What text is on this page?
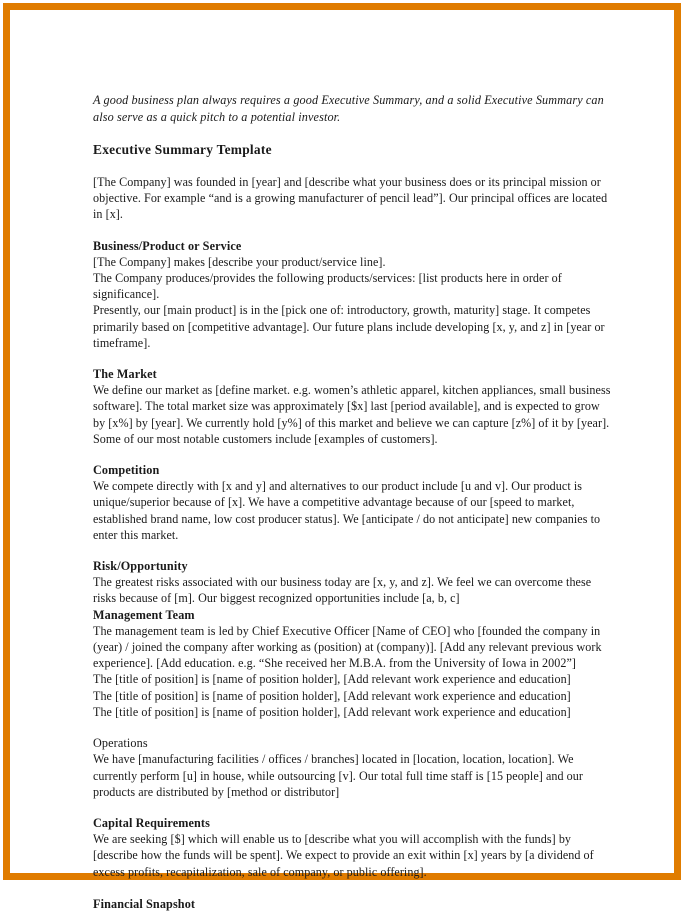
A good business plan always requires a good Executive Summary, and a solid Executive Summary can also serve as a quick pitch to a potential investor.

Executive Summary Template

[The Company] was founded in [year] and [describe what your business does or its principal mission or objective. For example “and is a growing manufacturer of pencil lead”]. Our principal offices are located in [x].

Business/Product or Service

[The Company] makes [describe your product/service line].

The Company produces/provides the following products/services: [list products here in order of significance].

Presently, our [main product] is in the [pick one of: introductory, growth, maturity] stage. It competes primarily based on [competitive advantage]. Our future plans include developing [x, y, and z] in [year or timeframe].

The Market

We define our market as [define market. e.g. women’s athletic apparel, kitchen appliances, small business software]. The total market size was approximately [$x] last [period available], and is expected to grow by [x%] by [year]. We currently hold [y%] of this market and believe we can capture [z%] of it by [year]. Some of our most notable customers include [examples of customers].

Competition

We compete directly with [x and y] and alternatives to our product include [u and v]. Our product is unique/superior because of [x]. We have a competitive advantage because of our [speed to market, established brand name, low cost producer status]. We [anticipate / do not anticipate] new companies to enter this market.

Risk/Opportunity

The greatest risks associated with our business today are [x, y, and z]. We feel we can overcome these risks because of [m]. Our biggest recognized opportunities include [a, b, c]

Management Team

The management team is led by Chief Executive Officer [Name of CEO] who [founded the company in (year) / joined the company after working as (position) at (company)]. [Add any relevant previous work experience]. [Add education. e.g. “She received her M.B.A. from the University of Iowa in 2002”]

The [title of position] is [name of position holder], [Add relevant work experience and education]

The [title of position] is [name of position holder], [Add relevant work experience and education]

The [title of position] is [name of position holder], [Add relevant work experience and education]

Operations

We have [manufacturing facilities / offices / branches] located in [location, location, location]. We currently perform [u] in house, while outsourcing [v]. Our total full time staff is [15 people] and our products are distributed by [method or distributor]

Capital Requirements

We are seeking [$] which will enable us to [describe what you will accomplish with the funds] by [describe how the funds will be spent]. We expect to provide an exit within [x] years by [a dividend of excess profits, recapitalization, sale of company, or public offering].

Financial Snapshot
